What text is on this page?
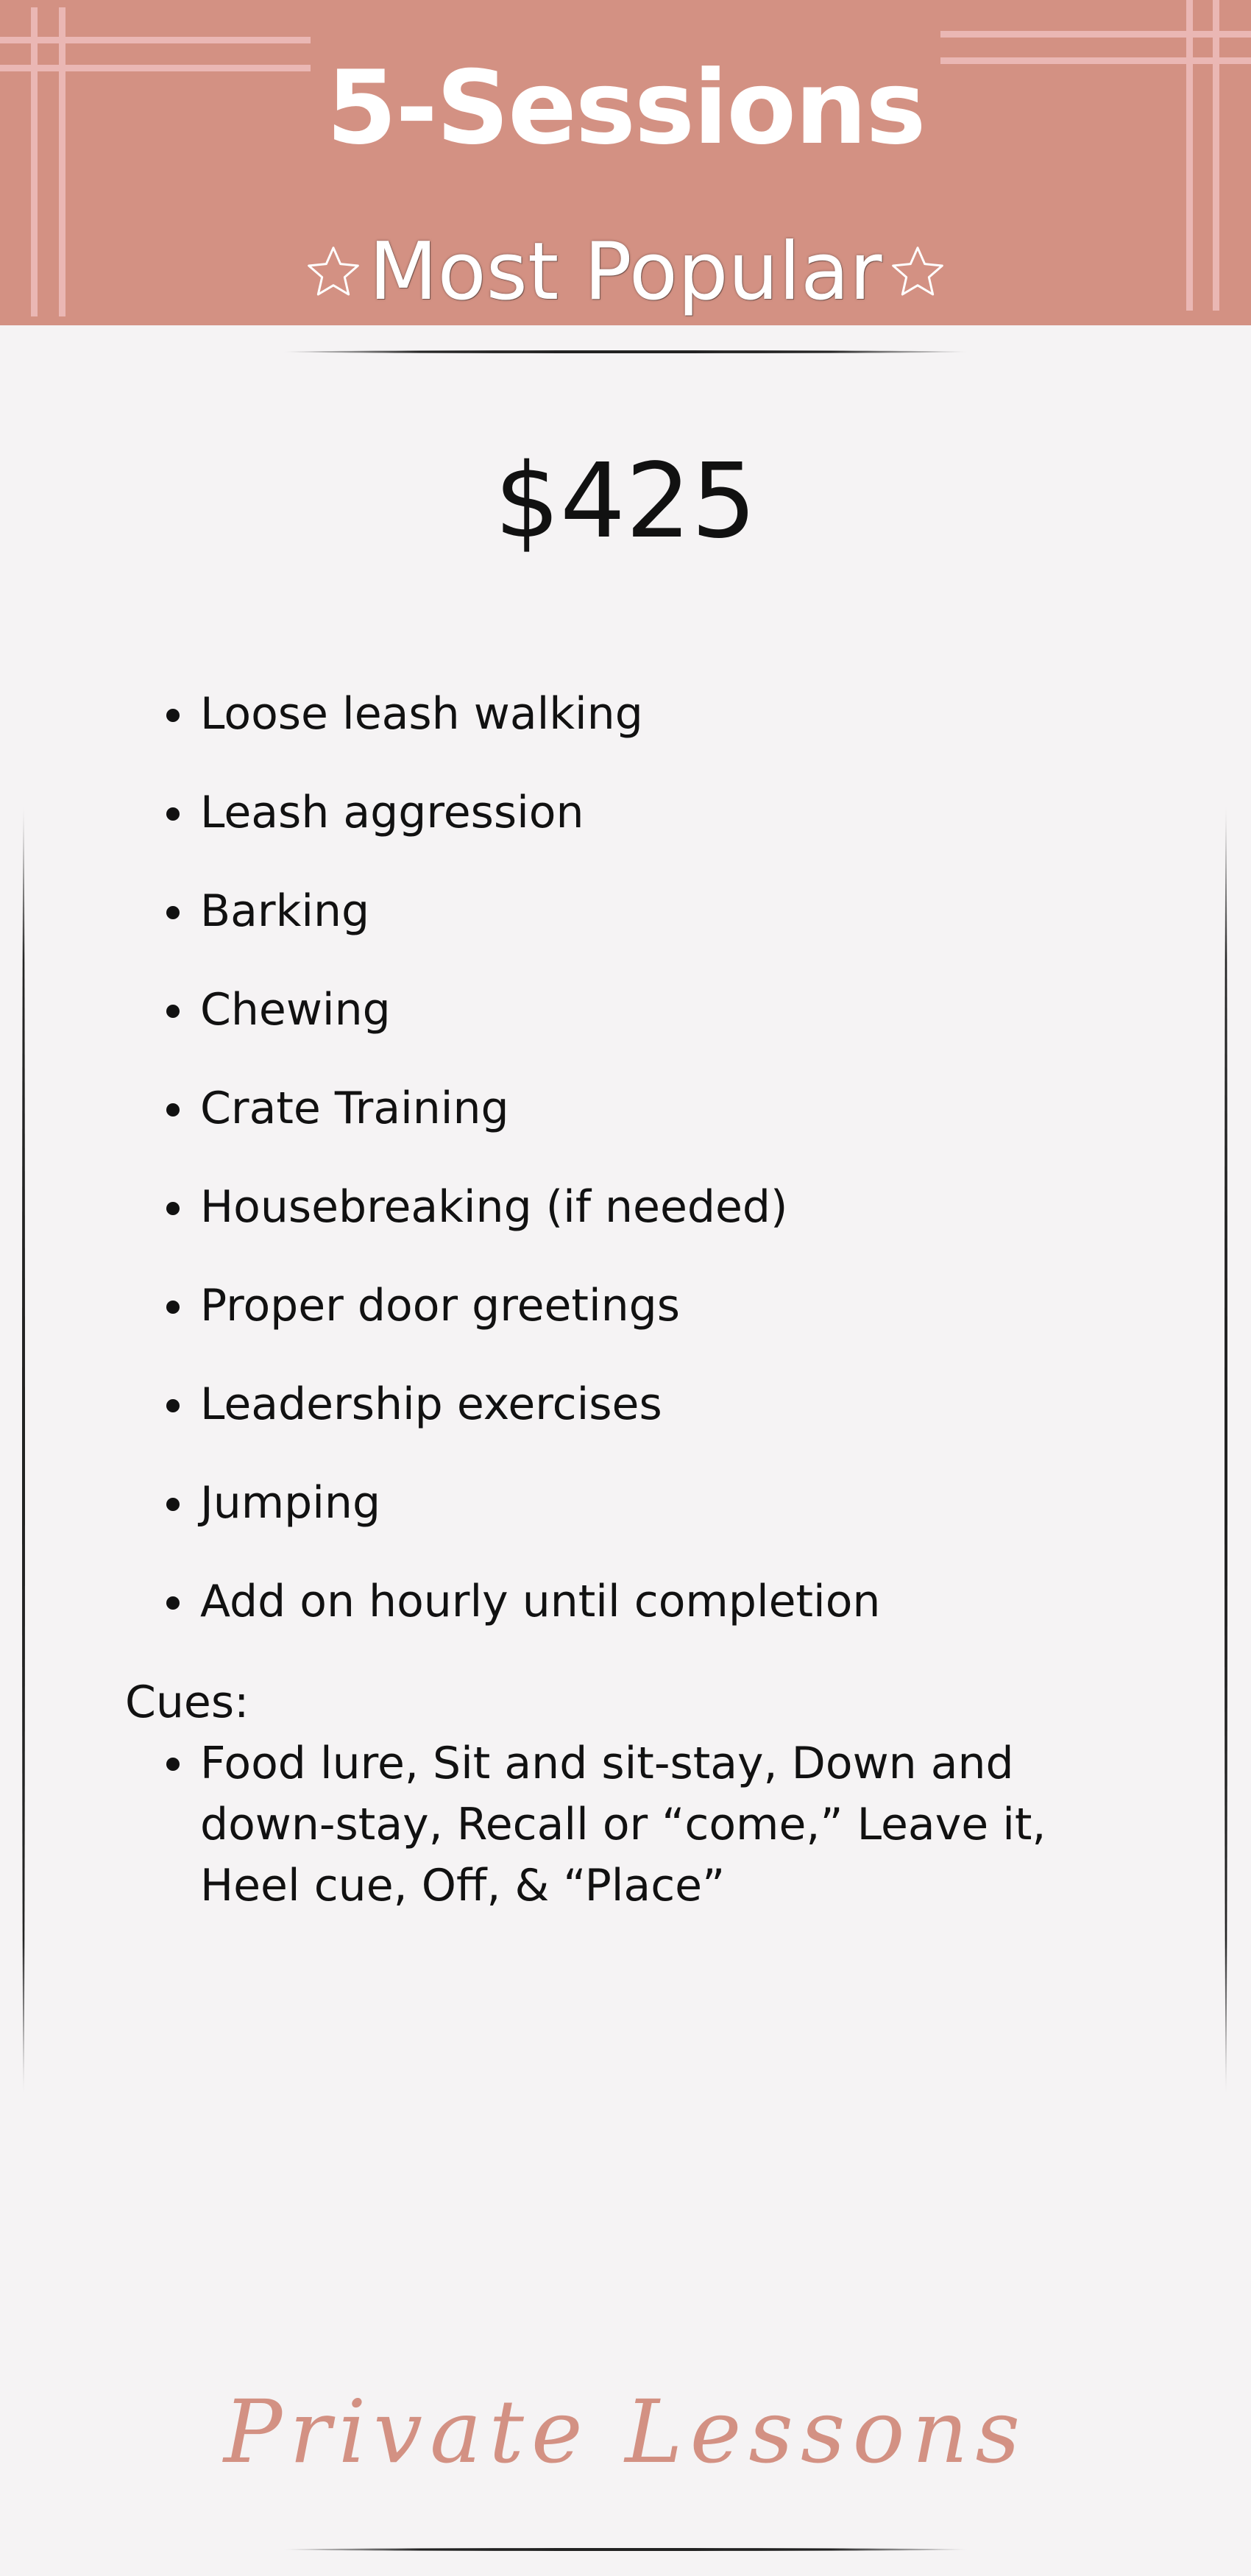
5-Sessions
Most Popular
$425
Loose leash walking
Leash aggression
Barking
Chewing
Crate Training
Housebreaking (if needed)
Proper door greetings
Leadership exercises
Jumping
Add on hourly until completion
Cues:
Food lure, Sit and sit-stay, Down and down-stay, Recall or “come,” Leave it, Heel cue, Off, & “Place”
Private Lessons
